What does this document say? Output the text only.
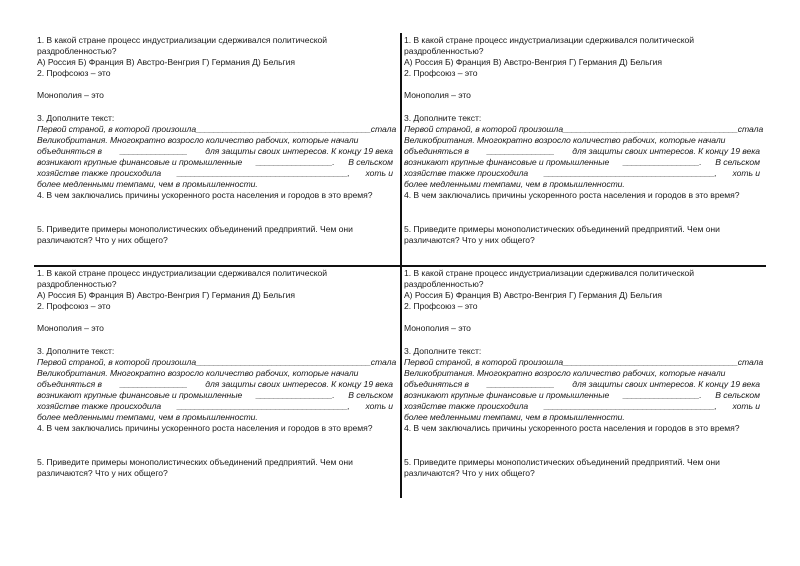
1. В какой стране процесс индустриализации сдерживался политической
раздробленностью?
А) Россия Б) Франция В) Австро-Венгрия Г) Германия Д) Бельгия
2. Профсоюз – это
Монополия – это
3. Дополните текст:
Первой страной, в которой произошла _______________________________________ стала
Великобритания. Многократно возросло количество рабочих, которые начали
объединяться в _______________ для защиты своих интересов. К концу 19 века
возникают крупные финансовые и промышленные _________________. В сельском
хозяйстве также происходила ______________________________________, хоть и
более медленными темпами, чем в промышленности.
4. В чем заключались причины ускоренного роста населения и городов в это время?
5. Приведите примеры монополистических объединений предприятий. Чем они
различаются? Что у них общего?
1. В какой стране процесс индустриализации сдерживался политической
раздробленностью?
А) Россия Б) Франция В) Австро-Венгрия Г) Германия Д) Бельгия
2. Профсоюз – это
Монополия – это
3. Дополните текст:
Первой страной, в которой произошла _______________________________________ стала
Великобритания. Многократно возросло количество рабочих, которые начали
объединяться в _______________ для защиты своих интересов. К концу 19 века
возникают крупные финансовые и промышленные _________________. В сельском
хозяйстве также происходила ______________________________________, хоть и
более медленными темпами, чем в промышленности.
4. В чем заключались причины ускоренного роста населения и городов в это время?
5. Приведите примеры монополистических объединений предприятий. Чем они
различаются? Что у них общего?
1. В какой стране процесс индустриализации сдерживался политической
раздробленностью?
А) Россия Б) Франция В) Австро-Венгрия Г) Германия Д) Бельгия
2. Профсоюз – это
Монополия – это
3. Дополните текст:
Первой страной, в которой произошла _______________________________________ стала
Великобритания. Многократно возросло количество рабочих, которые начали
объединяться в _______________ для защиты своих интересов. К концу 19 века
возникают крупные финансовые и промышленные _________________. В сельском
хозяйстве также происходила ______________________________________, хоть и
более медленными темпами, чем в промышленности.
4. В чем заключались причины ускоренного роста населения и городов в это время?
5. Приведите примеры монополистических объединений предприятий. Чем они
различаются? Что у них общего?
1. В какой стране процесс индустриализации сдерживался политической
раздробленностью?
А) Россия Б) Франция В) Австро-Венгрия Г) Германия Д) Бельгия
2. Профсоюз – это
Монополия – это
3. Дополните текст:
Первой страной, в которой произошла _______________________________________ стала
Великобритания. Многократно возросло количество рабочих, которые начали
объединяться в _______________ для защиты своих интересов. К концу 19 века
возникают крупные финансовые и промышленные _________________. В сельском
хозяйстве также происходила ______________________________________, хоть и
более медленными темпами, чем в промышленности.
4. В чем заключались причины ускоренного роста населения и городов в это время?
5. Приведите примеры монополистических объединений предприятий. Чем они
различаются? Что у них общего?
